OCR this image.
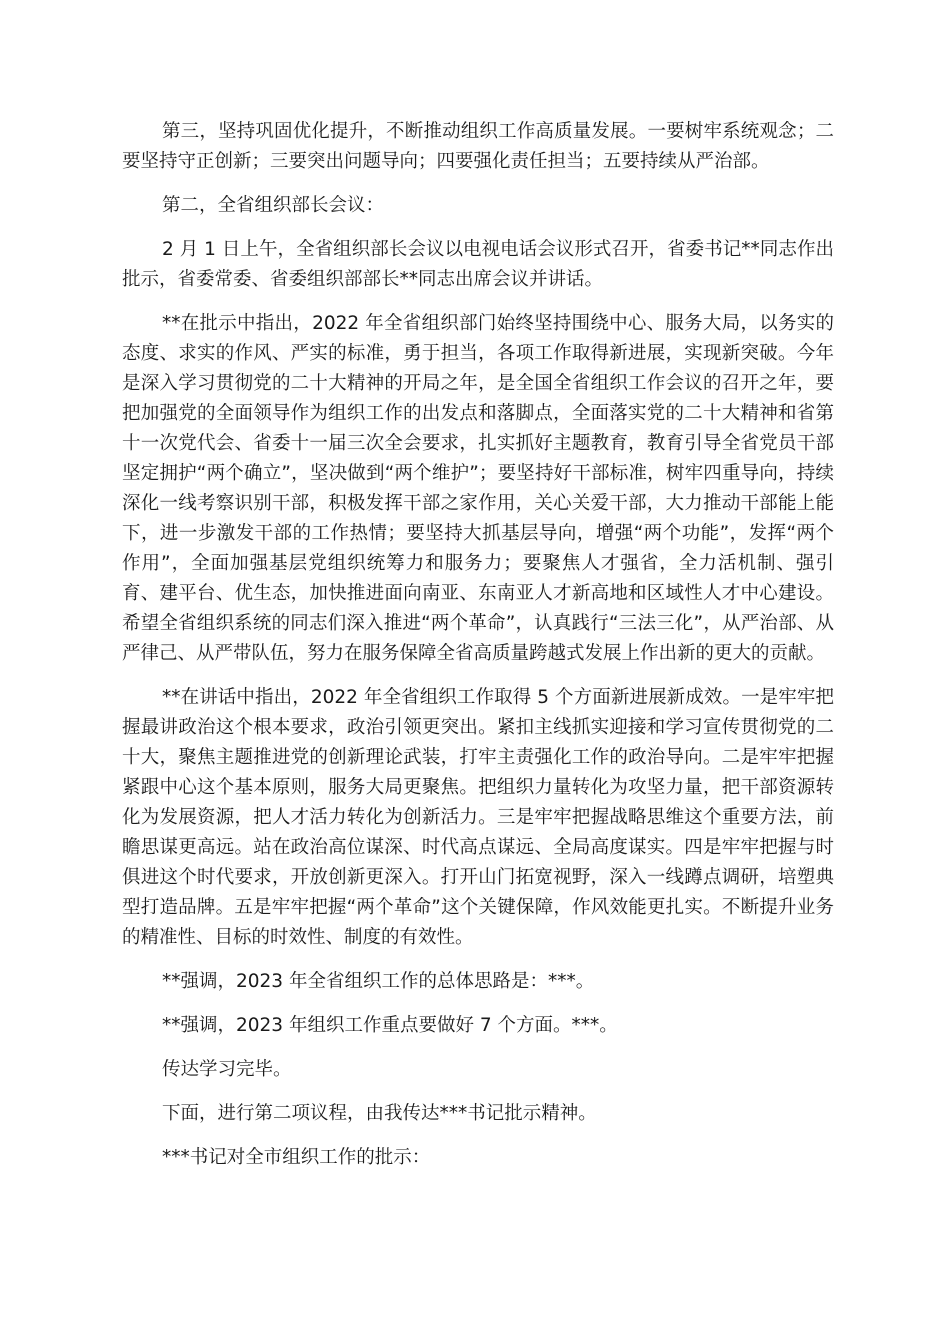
第三，坚持巩固优化提升，不断推动组织工作高质量发展。一要树牢系统观念；二要坚持守正创新；三要突出问题导向；四要强化责任担当；五要持续从严治部。

第二，全省组织部长会议：

2 月 1 日上午，全省组织部长会议以电视电话会议形式召开，省委书记**同志作出批示，省委常委、省委组织部部长**同志出席会议并讲话。

**在批示中指出，2022 年全省组织部门始终坚持围绕中心、服务大局，以务实的态度、求实的作风、严实的标准，勇于担当，各项工作取得新进展，实现新突破。今年是深入学习贯彻党的二十大精神的开局之年，是全国全省组织工作会议的召开之年，要把加强党的全面领导作为组织工作的出发点和落脚点，全面落实党的二十大精神和省第十一次党代会、省委十一届三次全会要求，扎实抓好主题教育，教育引导全省党员干部坚定拥护“两个确立”，坚决做到“两个维护”；要坚持好干部标准，树牢四重导向，持续深化一线考察识别干部，积极发挥干部之家作用，关心关爱干部，大力推动干部能上能下，进一步激发干部的工作热情；要坚持大抓基层导向，增强“两个功能”，发挥“两个作用”，全面加强基层党组织统筹力和服务力；要聚焦人才强省，全力活机制、强引育、建平台、优生态，加快推进面向南亚、东南亚人才新高地和区域性人才中心建设。希望全省组织系统的同志们深入推进“两个革命”，认真践行“三法三化”，从严治部、从严律己、从严带队伍，努力在服务保障全省高质量跨越式发展上作出新的更大的贡献。

**在讲话中指出，2022 年全省组织工作取得 5 个方面新进展新成效。一是牢牢把握最讲政治这个根本要求，政治引领更突出。紧扣主线抓实迎接和学习宣传贯彻党的二十大，聚焦主题推进党的创新理论武装，打牢主责强化工作的政治导向。二是牢牢把握紧跟中心这个基本原则，服务大局更聚焦。把组织力量转化为攻坚力量，把干部资源转化为发展资源，把人才活力转化为创新活力。三是牢牢把握战略思维这个重要方法，前瞻思谋更高远。站在政治高位谋深、时代高点谋远、全局高度谋实。四是牢牢把握与时俱进这个时代要求，开放创新更深入。打开山门拓宽视野，深入一线蹲点调研，培塑典型打造品牌。五是牢牢把握“两个革命”这个关键保障，作风效能更扎实。不断提升业务的精准性、目标的时效性、制度的有效性。

**强调，2023 年全省组织工作的总体思路是：***。

**强调，2023 年组织工作重点要做好 7 个方面。***。

传达学习完毕。

下面，进行第二项议程，由我传达***书记批示精神。

***书记对全市组织工作的批示：
